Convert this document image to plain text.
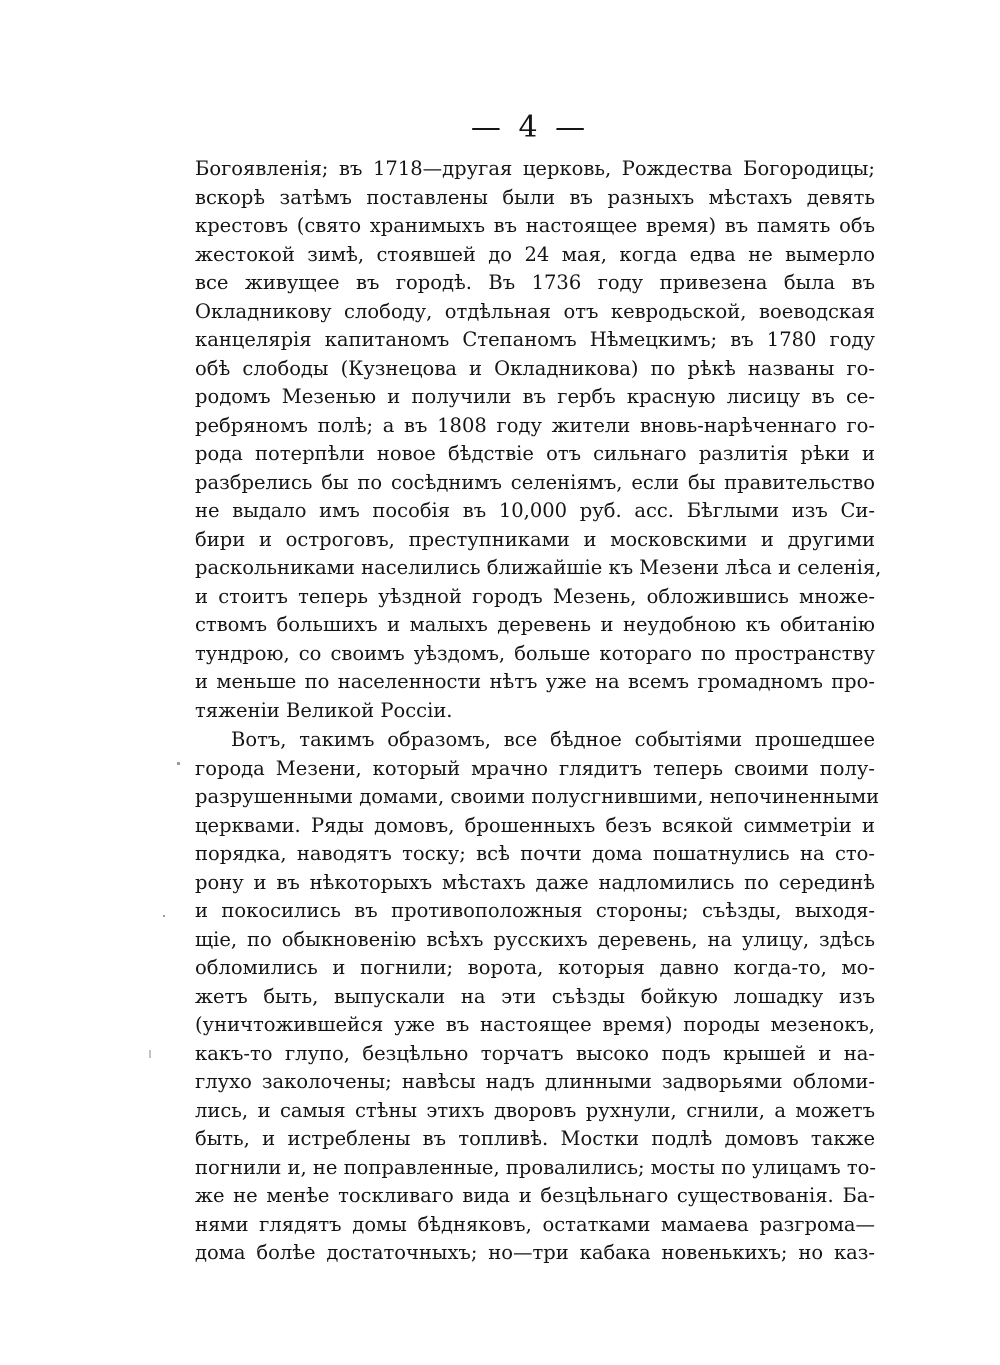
— 4 —
Богоявленія; въ 1718—другая церковь, Рождества Богородицы;
вскорѣ затѣмъ поставлены были въ разныхъ мѣстахъ девять
крестовъ (свято хранимыхъ въ настоящее время) въ память объ
жестокой зимѣ, стоявшей до 24 мая, когда едва не вымерло
все живущее въ городѣ. Въ 1736 году привезена была въ
Окладникову слободу, отдѣльная отъ кевродьской, воеводская
канцелярія капитаномъ Степаномъ Нѣмецкимъ; въ 1780 году
обѣ слободы (Кузнецова и Окладникова) по рѣкѣ названы го-
родомъ Мезенью и получили въ гербъ красную лисицу въ се-
ребряномъ полѣ; а въ 1808 году жители вновь-нарѣченнаго го-
рода потерпѣли новое бѣдствіе отъ сильнаго разлитія рѣки и
разбрелись бы по сосѣднимъ селеніямъ, если бы правительство
не выдало имъ пособія въ 10,000 руб. асс. Бѣглыми изъ Си-
бири и остроговъ, преступниками и московскими и другими
раскольниками населились ближайшіе къ Мезени лѣса и селенія,
и стоитъ теперь уѣздной городъ Мезень, обложившись множе-
ствомъ большихъ и малыхъ деревень и неудобною къ обитанію
тундрою, со своимъ уѣздомъ, больше котораго по пространству
и меньше по населенности нѣтъ уже на всемъ громадномъ про-
тяженіи Великой Россіи.
Вотъ, такимъ образомъ, все бѣдное событіями прошедшее
города Мезени, который мрачно глядитъ теперь своими полу-
разрушенными домами, своими полусгнившими, непочиненными
церквами. Ряды домовъ, брошенныхъ безъ всякой симметріи и
порядка, наводятъ тоску; всѣ почти дома пошатнулись на сто-
рону и въ нѣкоторыхъ мѣстахъ даже надломились по серединѣ
и покосились въ противоположныя стороны; съѣзды, выходя-
щіе, по обыкновенію всѣхъ русскихъ деревень, на улицу, здѣсь
обломились и погнили; ворота, которыя давно когда-то, мо-
жетъ быть, выпускали на эти съѣзды бойкую лошадку изъ
(уничтожившейся уже въ настоящее время) породы мезенокъ,
какъ-то глупо, безцѣльно торчатъ высоко подъ крышей и на-
глухо заколочены; навѣсы надъ длинными задворьями обломи-
лись, и самыя стѣны этихъ дворовъ рухнули, сгнили, а можетъ
быть, и истреблены въ топливѣ. Мостки подлѣ домовъ также
погнили и, не поправленные, провалились; мосты по улицамъ то-
же не менѣе тоскливаго вида и безцѣльнаго существованія. Ба-
нями глядятъ домы бѣдняковъ, остатками мамаева разгрома—
дома болѣе достаточныхъ; но—три кабака новенькихъ; но каз-
